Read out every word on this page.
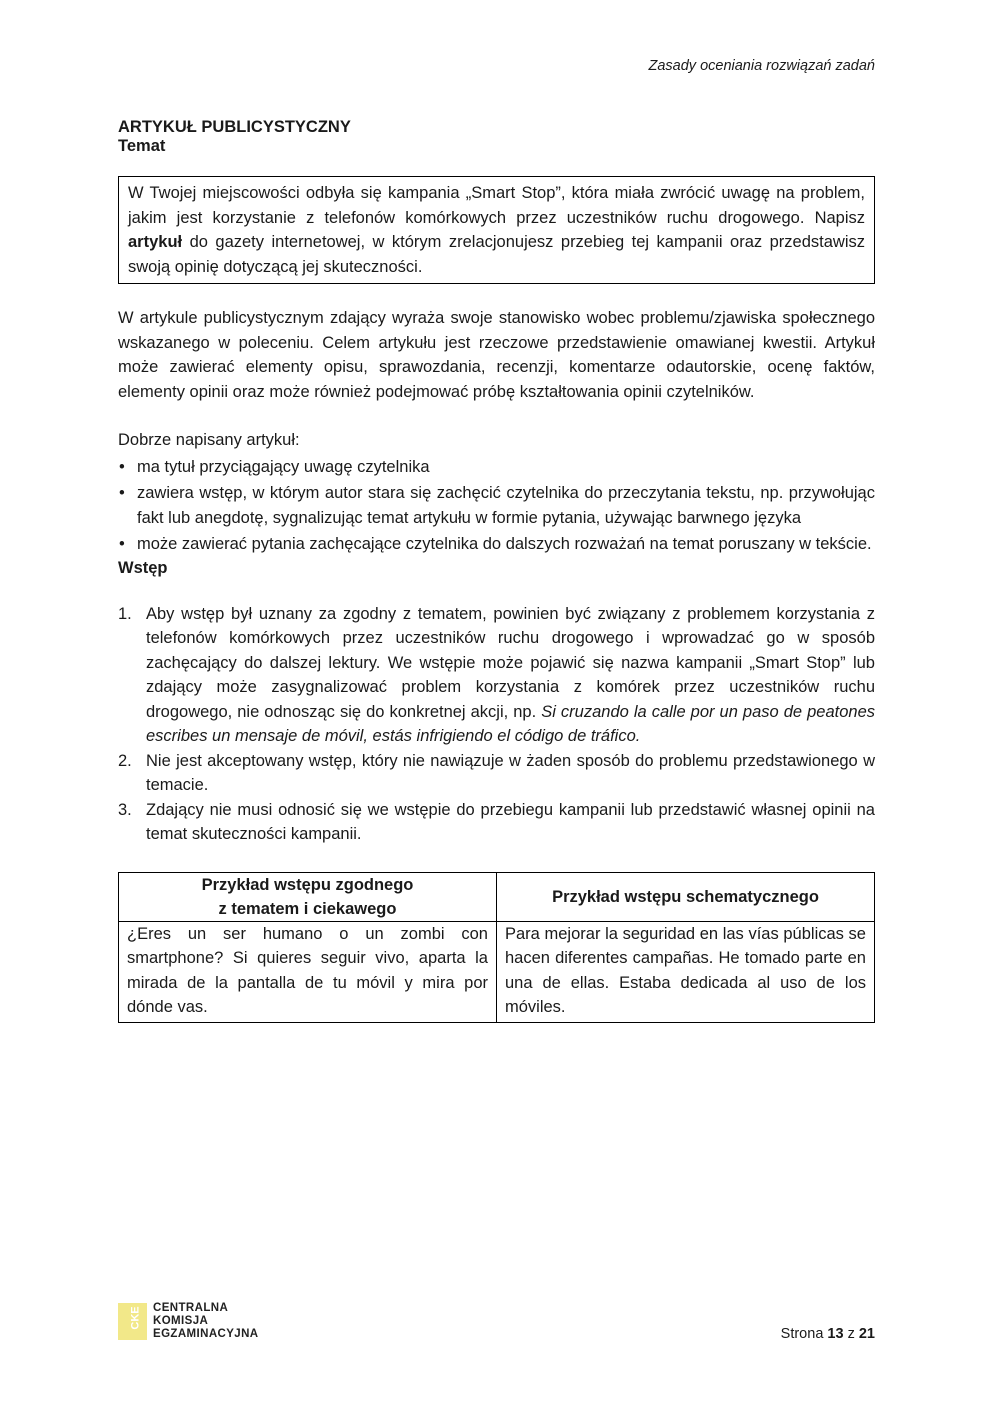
Zasady oceniania rozwiązań zadań
ARTYKUŁ PUBLICYSTYCZNY
Temat
W Twojej miejscowości odbyła się kampania „Smart Stop”, która miała zwrócić uwagę na problem, jakim jest korzystanie z telefonów komórkowych przez uczestników ruchu drogowego. Napisz artykuł do gazety internetowej, w którym zrelacjonujesz przebieg tej kampanii oraz przedstawisz swoją opinię dotyczącą jej skuteczności.

W artykule publicystycznym zdający wyraża swoje stanowisko wobec problemu/zjawiska społecznego wskazanego w poleceniu. Celem artykułu jest rzeczowe przedstawienie omawianej kwestii. Artykuł może zawierać elementy opisu, sprawozdania, recenzji, komentarze odautorskie, ocenę faktów, elementy opinii oraz może również podejmować próbę kształtowania opinii czytelników.

Dobrze napisany artykuł:

• ma tytuł przyciągający uwagę czytelnika
• zawiera wstęp, w którym autor stara się zachęcić czytelnika do przeczytania tekstu, np. przywołując fakt lub anegdotę, sygnalizując temat artykułu w formie pytania, używając barwnego języka
• może zawierać pytania zachęcające czytelnika do dalszych rozważań na temat poruszany w tekście.
Wstęp
1. Aby wstęp był uznany za zgodny z tematem, powinien być związany z problemem korzystania z telefonów komórkowych przez uczestników ruchu drogowego i wprowadzać go w sposób zachęcający do dalszej lektury. We wstępie może pojawić się nazwa kampanii „Smart Stop” lub zdający może zasygnalizować problem korzystania z komórek przez uczestników ruchu drogowego, nie odnosząc się do konkretnej akcji, np. Si cruzando la calle por un paso de peatones escribes un mensaje de móvil, estás infrigiendo el código de tráfico.
2. Nie jest akceptowany wstęp, który nie nawiązuje w żaden sposób do problemu przedstawionego w temacie.
3. Zdający nie musi odnosić się we wstępie do przebiegu kampanii lub przedstawić własnej opinii na temat skuteczności kampanii.
Przykład wstępu zgodnego
z tematem i ciekawego	Przykład wstępu schematycznego
¿Eres un ser humano o un zombi con smartphone? Si quieres seguir vivo, aparta la mirada de la pantalla de tu móvil y mira por dónde vas.	Para mejorar la seguridad en las vías públicas se hacen diferentes campañas. He tomado parte en una de ellas. Estaba dedicada al uso de los móviles.
CKE CENTRALNA
KOMISJA
EGZAMINACYJNA	Strona 13 z 21
